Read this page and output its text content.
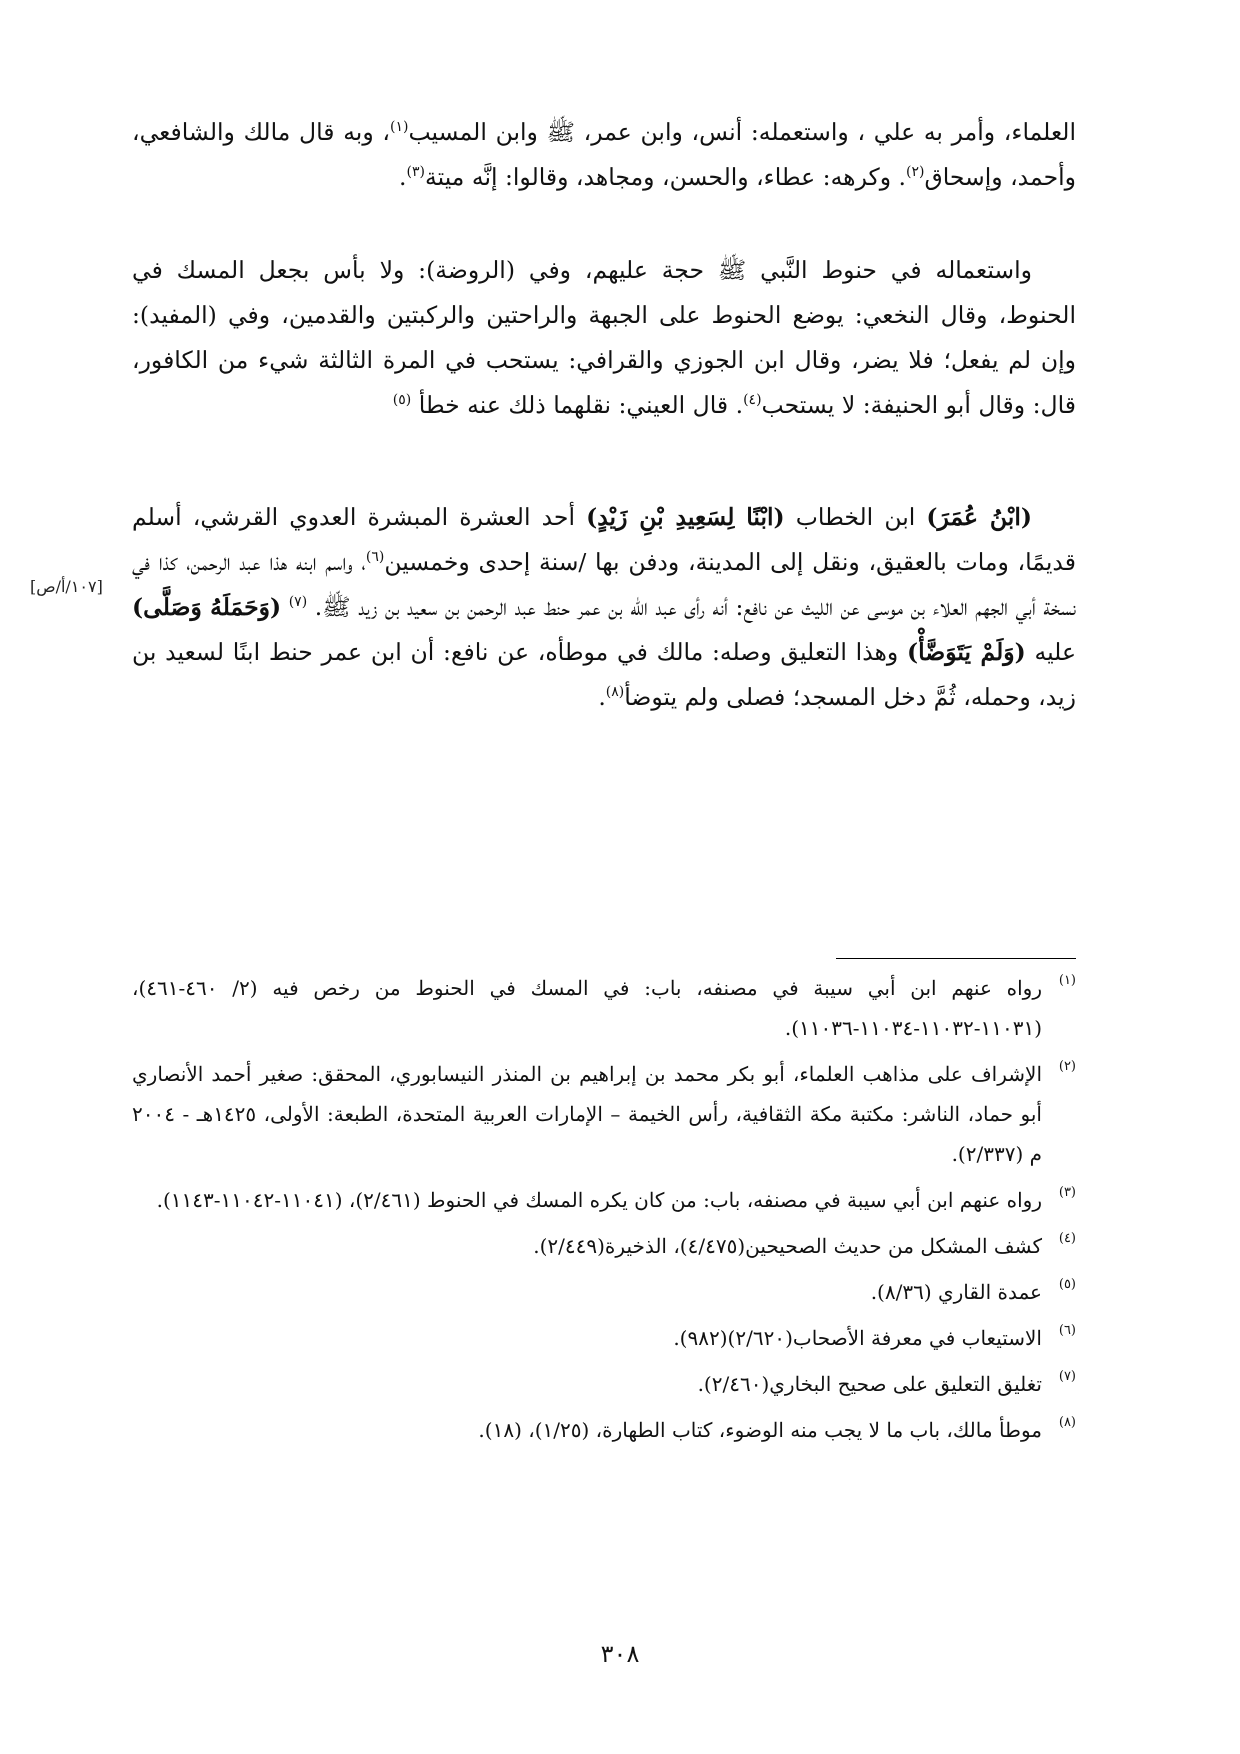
العلماء، وأمر به علي ، واستعمله: أنس، وابن عمر، ﷺ وابن المسيب$^{(١)}$، وبه قال مالك والشافعي، وأحمد، وإسحاق$^{(٢)}$. وكرهه: عطاء، والحسن، ومجاهد، وقالوا: إنَّه ميتة$^{(٣)}$.

واستعماله في حنوط النَّبي ﷺ حجة عليهم، وفي (الروضة): ولا بأس بجعل المسك في الحنوط، وقال النخعي: يوضع الحنوط على الجبهة والراحتين والركبتين والقدمين، وفي (المفيد): وإن لم يفعل؛ فلا يضر، وقال ابن الجوزي والقرافي: يستحب في المرة الثالثة شيء من الكافور، قال: وقال أبو الحنيفة: لا يستحب$^{(٤)}$. قال العيني: نقلهما ذلك عنه خطأ $^{(٥)}$

(ابْنُ عُمَرَ) ابن الخطاب (ابْنًا لِسَعِيدِ بْنِ زَيْدٍ) أحد العشرة المبشرة العدوي القرشي، أسلم قديمًا، ومات بالعقيق، ونقل إلى المدينة، ودفن بها /سنة إحدى وخمسين$^{(٦)}$، واسم ابنه هذا عبد الرحمن، كذا في نسخة أبي الجهم العلاء بن موسى عن الليث عن نافع: أنه رأى عبد الله بن عمر حنط عبد الرحمن بن سعيد بن زيد ﷺ. $^{(٧)}$ (وَحَمَلَهُ وَصَلَّى) عليه (وَلَمْ يَتَوَضَّأْ) وهذا التعليق وصله: مالك في موطأه، عن نافع: أن ابن عمر حنط ابنًا لسعيد بن زيد، وحمله، ثُمَّ دخل المسجد؛ فصلى ولم يتوضأ$^{(٨)}$.

[١٠٧/أ/ص]

(١)
رواه عنهم ابن أبي سيبة في مصنفه، باب: في المسك في الحنوط من رخص فيه (٢/ ٤٦٠-٤٦١)، (١١٠٣١-١١٠٣٢-١١٠٣٤-١١٠٣٦).

(٢)
الإشراف على مذاهب العلماء، أبو بكر محمد بن إبراهيم بن المنذر النيسابوري، المحقق: صغير أحمد الأنصاري أبو حماد، الناشر: مكتبة مكة الثقافية، رأس الخيمة – الإمارات العربية المتحدة، الطبعة: الأولى، ١٤٢٥هـ - ٢٠٠٤ م (٢/٣٣٧).

(٣)
رواه عنهم ابن أبي سيبة في مصنفه، باب: من كان يكره المسك في الحنوط (٢/٤٦١)، (١١٠٤١-١١٠٤٢-١١٤٣).

(٤)
كشف المشكل من حديث الصحيحين(٤/٤٧٥)، الذخيرة(٢/٤٤٩).

(٥)
عمدة القاري (٨/٣٦).

(٦)
الاستيعاب في معرفة الأصحاب(٢/٦٢٠)(٩٨٢).

(٧)
تغليق التعليق على صحيح البخاري(٢/٤٦٠).

(٨)
موطأ مالك، باب ما لا يجب منه الوضوء، كتاب الطهارة، (١/٢٥)، (١٨).

٣٠٨
